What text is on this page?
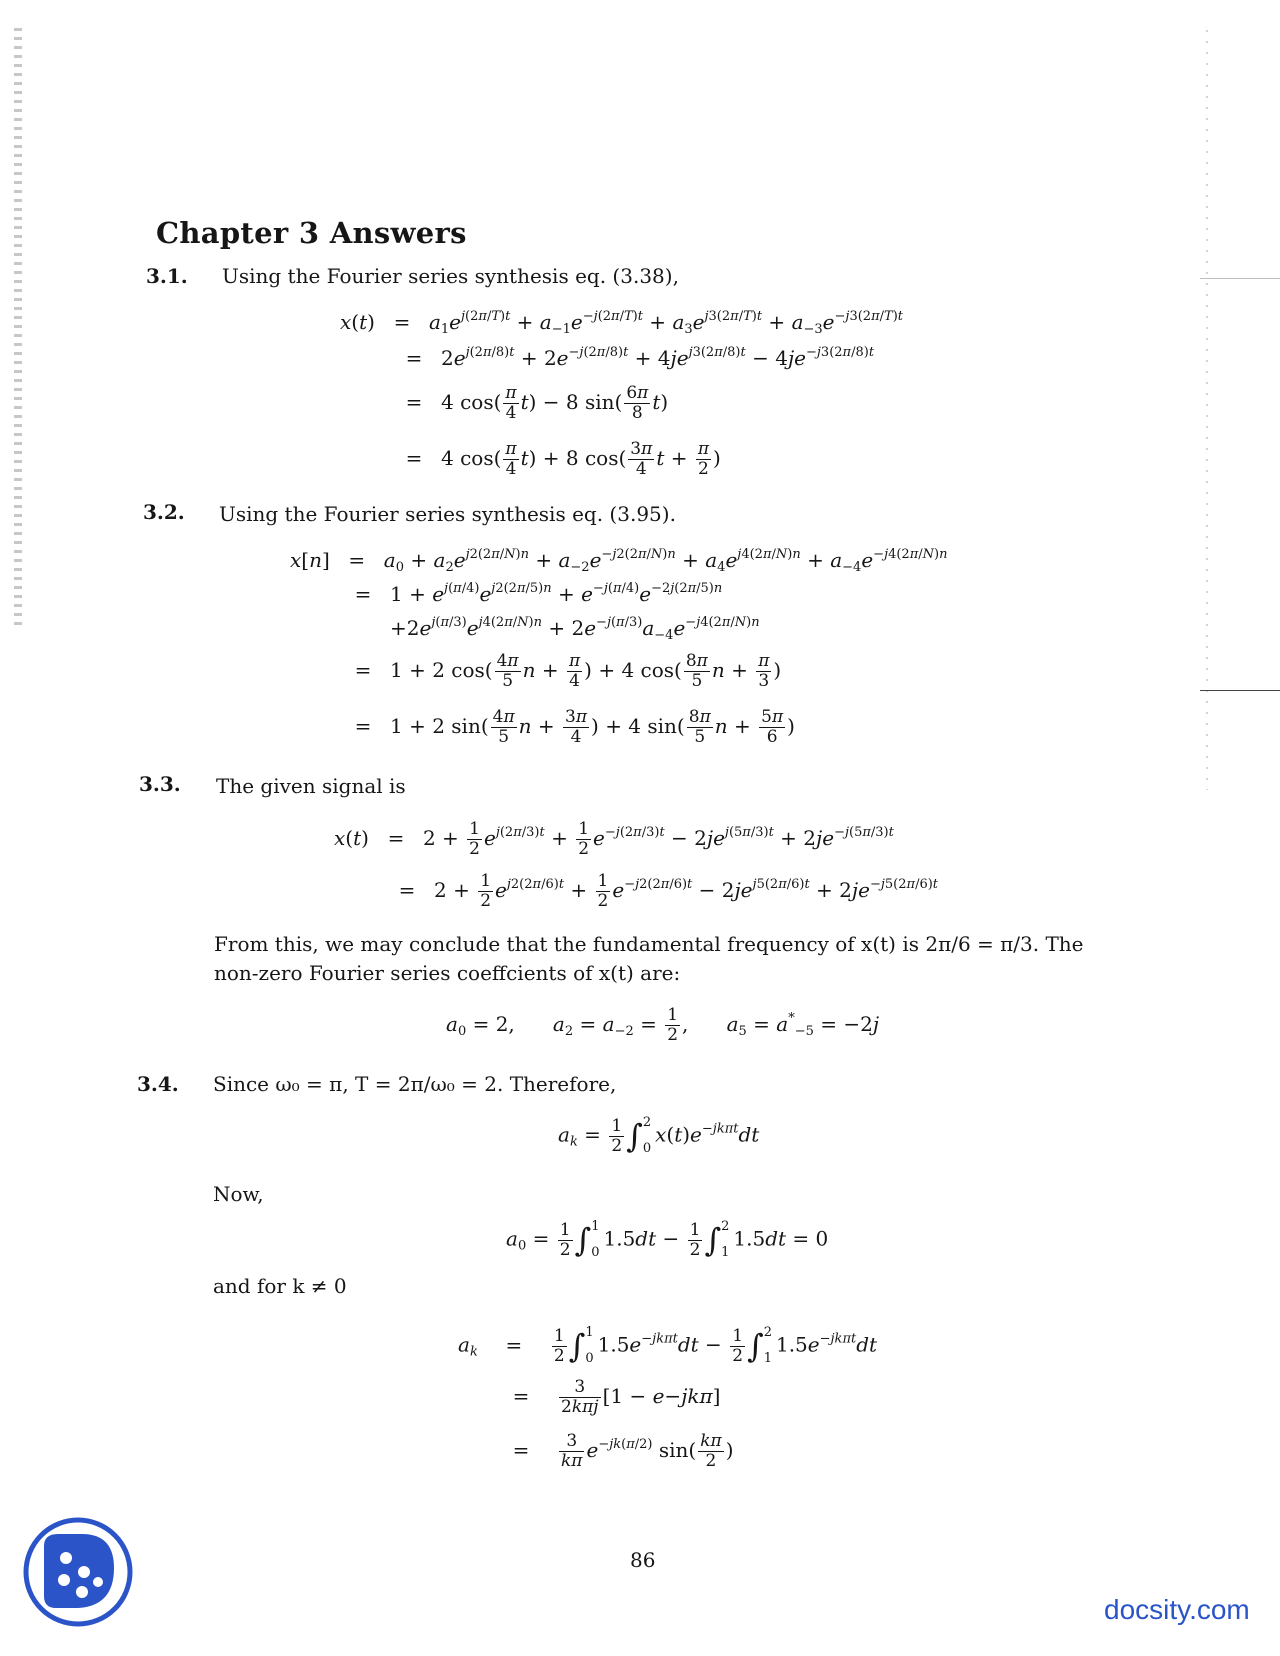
Chapter 3 Answers
3.1. Using the Fourier series synthesis eq. (3.38),
$x(t) = a_1e^{j(2\pi/T)t} + a_{-1}e^{-j(2\pi/T)t} + a_3e^{j3(2\pi/T)t} + a_{-3}e^{-j3(2\pi/T)t}$
= $2e^{j(2\pi/8)t} + 2e^{-j(2\pi/8)t} + 4je^{j3(2\pi/8)t} - 4je^{-j3(2\pi/8)t}$
= 4 $\cos( \frac{\pi}{4} t) - 8$ $\sin( \frac{6\pi}{8} t)$
= 4 $\cos( \frac{\pi}{4} t) + 8$ $\cos( \frac{3\pi}{4}$ $t + \frac{\pi}{2}$ )
3.2. Using the Fourier series synthesis eq. (3.95).
$x[n] = a_0 + a_2e^{j2(2\pi/N)n} + a_{-2}e^{-j2(2\pi/N)n} + a_4e^{j4(2\pi/N)n} + a_{-4}e^{-j4(2\pi/N)n}$
= $1 + e^{j(\pi/4)}e^{j2(2\pi/5)n} + e^{-j(\pi/4)}e^{-2j(2\pi/5)n}$
$+2e^{j(\pi/3)}e^{j4(2\pi/N)n} + 2e^{-j(\pi/3)}a_{-4}e^{-j4(2\pi/N)n}$
= 1 + 2 $\cos( \frac{4\pi}{5}$ $n + \frac{\pi}{4}$ ) + 4 $\cos( \frac{8\pi}{5}$ $n + \frac{\pi}{3}$ )
= 1 + 2 $\sin( \frac{4\pi}{5}$ $n + \frac{3\pi}{4}$ ) + 4 $\sin( \frac{8\pi}{5}$ $n + \frac{5\pi}{6}$ )
3.3. The given signal is
$x(t) = 2 + \frac{1}{2} e^{j(2\pi/3)t} + \frac{1}{2} e^{-j(2\pi/3)t} - 2je^{j(5\pi/3)t} + 2je^{-j(5\pi/3)t}$
= $2 + \frac{1}{2} e^{j2(2\pi/6)t} + \frac{1}{2} e^{-j2(2\pi/6)t} - 2je^{j5(2\pi/6)t} + 2je^{-j5(2\pi/6)t}$
From this, we may conclude that the fundamental frequency of x(t) is 2π/6 = π/3. The
non-zero Fourier series coeffcients of x(t) are:
$a_0 = 2$,      $a_2 = a_{-2} = \frac{1}{2}$ ,      $a_5 = a^*_{-5} = -2j$
3.4. Since ω₀ = π, T = 2π/ω₀ = 2. Therefore,
$a_k = \frac{1}{2}$ ∫ 2
0
$x(t)e^{-jk\pi t}dt$
Now,
$a_0 = \frac{1}{2}$ ∫ 1
0
$1.5dt - \frac{1}{2}$ ∫ 2
1
1.5dt = 0
and for k ≠ 0
$a_k = \frac{1}{2}$ ∫ 1
0
$1.5e^{-jk\pi t}dt - \frac{1}{2}$ ∫ 2
1
$1.5e^{-jk\pi t}dt$
= $\frac{3}{\text{2kπj}} [1 - e-jk\pi]$
= $\frac{3}{k\pi} e^{-jk(\pi/2)}$ $\sin( \frac{k\pi}{2}$ )
86
docsity.com
